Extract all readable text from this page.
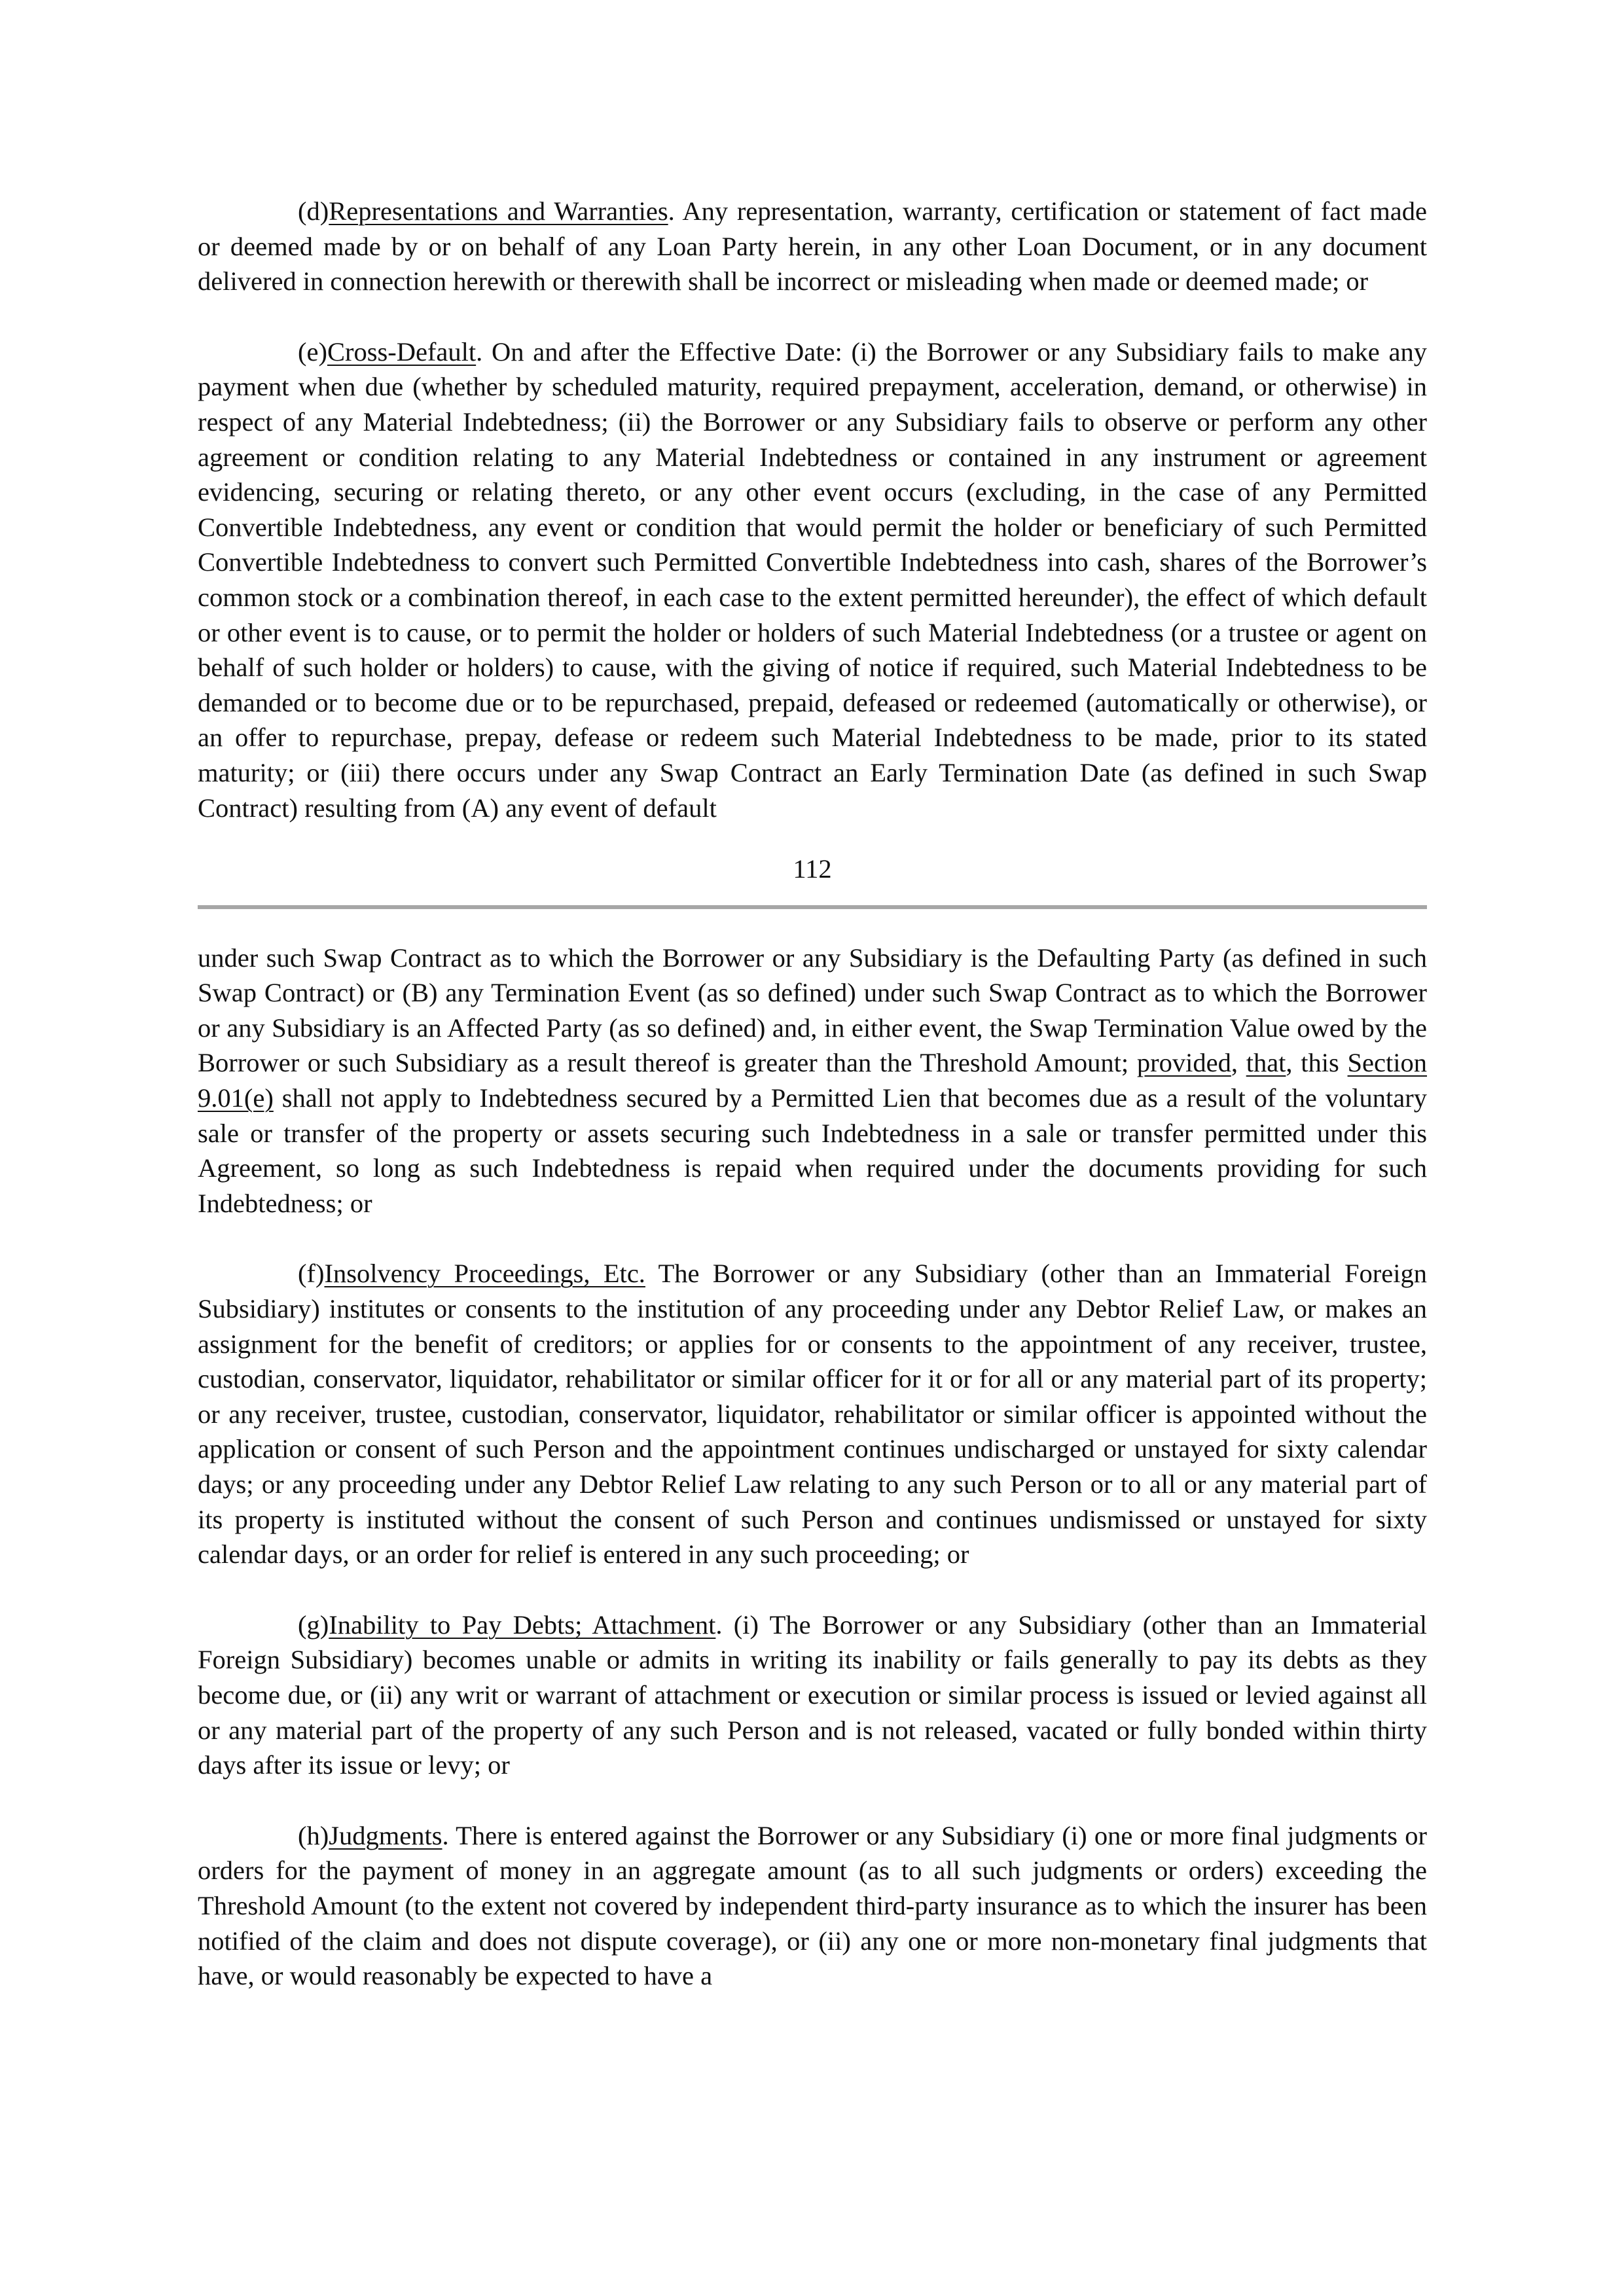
(d)Representations and Warranties. Any representation, warranty, certification or statement of fact made or deemed made by or on behalf of any Loan Party herein, in any other Loan Document, or in any document delivered in connection herewith or therewith shall be incorrect or misleading when made or deemed made; or

(e)Cross-Default. On and after the Effective Date: (i) the Borrower or any Subsidiary fails to make any payment when due (whether by scheduled maturity, required prepayment, acceleration, demand, or otherwise) in respect of any Material Indebtedness; (ii) the Borrower or any Subsidiary fails to observe or perform any other agreement or condition relating to any Material Indebtedness or contained in any instrument or agreement evidencing, securing or relating thereto, or any other event occurs (excluding, in the case of any Permitted Convertible Indebtedness, any event or condition that would permit the holder or beneficiary of such Permitted Convertible Indebtedness to convert such Permitted Convertible Indebtedness into cash, shares of the Borrower’s common stock or a combination thereof, in each case to the extent permitted hereunder), the effect of which default or other event is to cause, or to permit the holder or holders of such Material Indebtedness (or a trustee or agent on behalf of such holder or holders) to cause, with the giving of notice if required, such Material Indebtedness to be demanded or to become due or to be repurchased, prepaid, defeased or redeemed (automatically or otherwise), or an offer to repurchase, prepay, defease or redeem such Material Indebtedness to be made, prior to its stated maturity; or (iii) there occurs under any Swap Contract an Early Termination Date (as defined in such Swap Contract) resulting from (A) any event of default

112

under such Swap Contract as to which the Borrower or any Subsidiary is the Defaulting Party (as defined in such Swap Contract) or (B) any Termination Event (as so defined) under such Swap Contract as to which the Borrower or any Subsidiary is an Affected Party (as so defined) and, in either event, the Swap Termination Value owed by the Borrower or such Subsidiary as a result thereof is greater than the Threshold Amount; provided, that, this Section 9.01(e) shall not apply to Indebtedness secured by a Permitted Lien that becomes due as a result of the voluntary sale or transfer of the property or assets securing such Indebtedness in a sale or transfer permitted under this Agreement, so long as such Indebtedness is repaid when required under the documents providing for such Indebtedness; or

(f)Insolvency Proceedings, Etc. The Borrower or any Subsidiary (other than an Immaterial Foreign Subsidiary) institutes or consents to the institution of any proceeding under any Debtor Relief Law, or makes an assignment for the benefit of creditors; or applies for or consents to the appointment of any receiver, trustee, custodian, conservator, liquidator, rehabilitator or similar officer for it or for all or any material part of its property; or any receiver, trustee, custodian, conservator, liquidator, rehabilitator or similar officer is appointed without the application or consent of such Person and the appointment continues undischarged or unstayed for sixty calendar days; or any proceeding under any Debtor Relief Law relating to any such Person or to all or any material part of its property is instituted without the consent of such Person and continues undismissed or unstayed for sixty calendar days, or an order for relief is entered in any such proceeding; or

(g)Inability to Pay Debts; Attachment. (i) The Borrower or any Subsidiary (other than an Immaterial Foreign Subsidiary) becomes unable or admits in writing its inability or fails generally to pay its debts as they become due, or (ii) any writ or warrant of attachment or execution or similar process is issued or levied against all or any material part of the property of any such Person and is not released, vacated or fully bonded within thirty days after its issue or levy; or

(h)Judgments. There is entered against the Borrower or any Subsidiary (i) one or more final judgments or orders for the payment of money in an aggregate amount (as to all such judgments or orders) exceeding the Threshold Amount (to the extent not covered by independent third-party insurance as to which the insurer has been notified of the claim and does not dispute coverage), or (ii) any one or more non-monetary final judgments that have, or would reasonably be expected to have a
